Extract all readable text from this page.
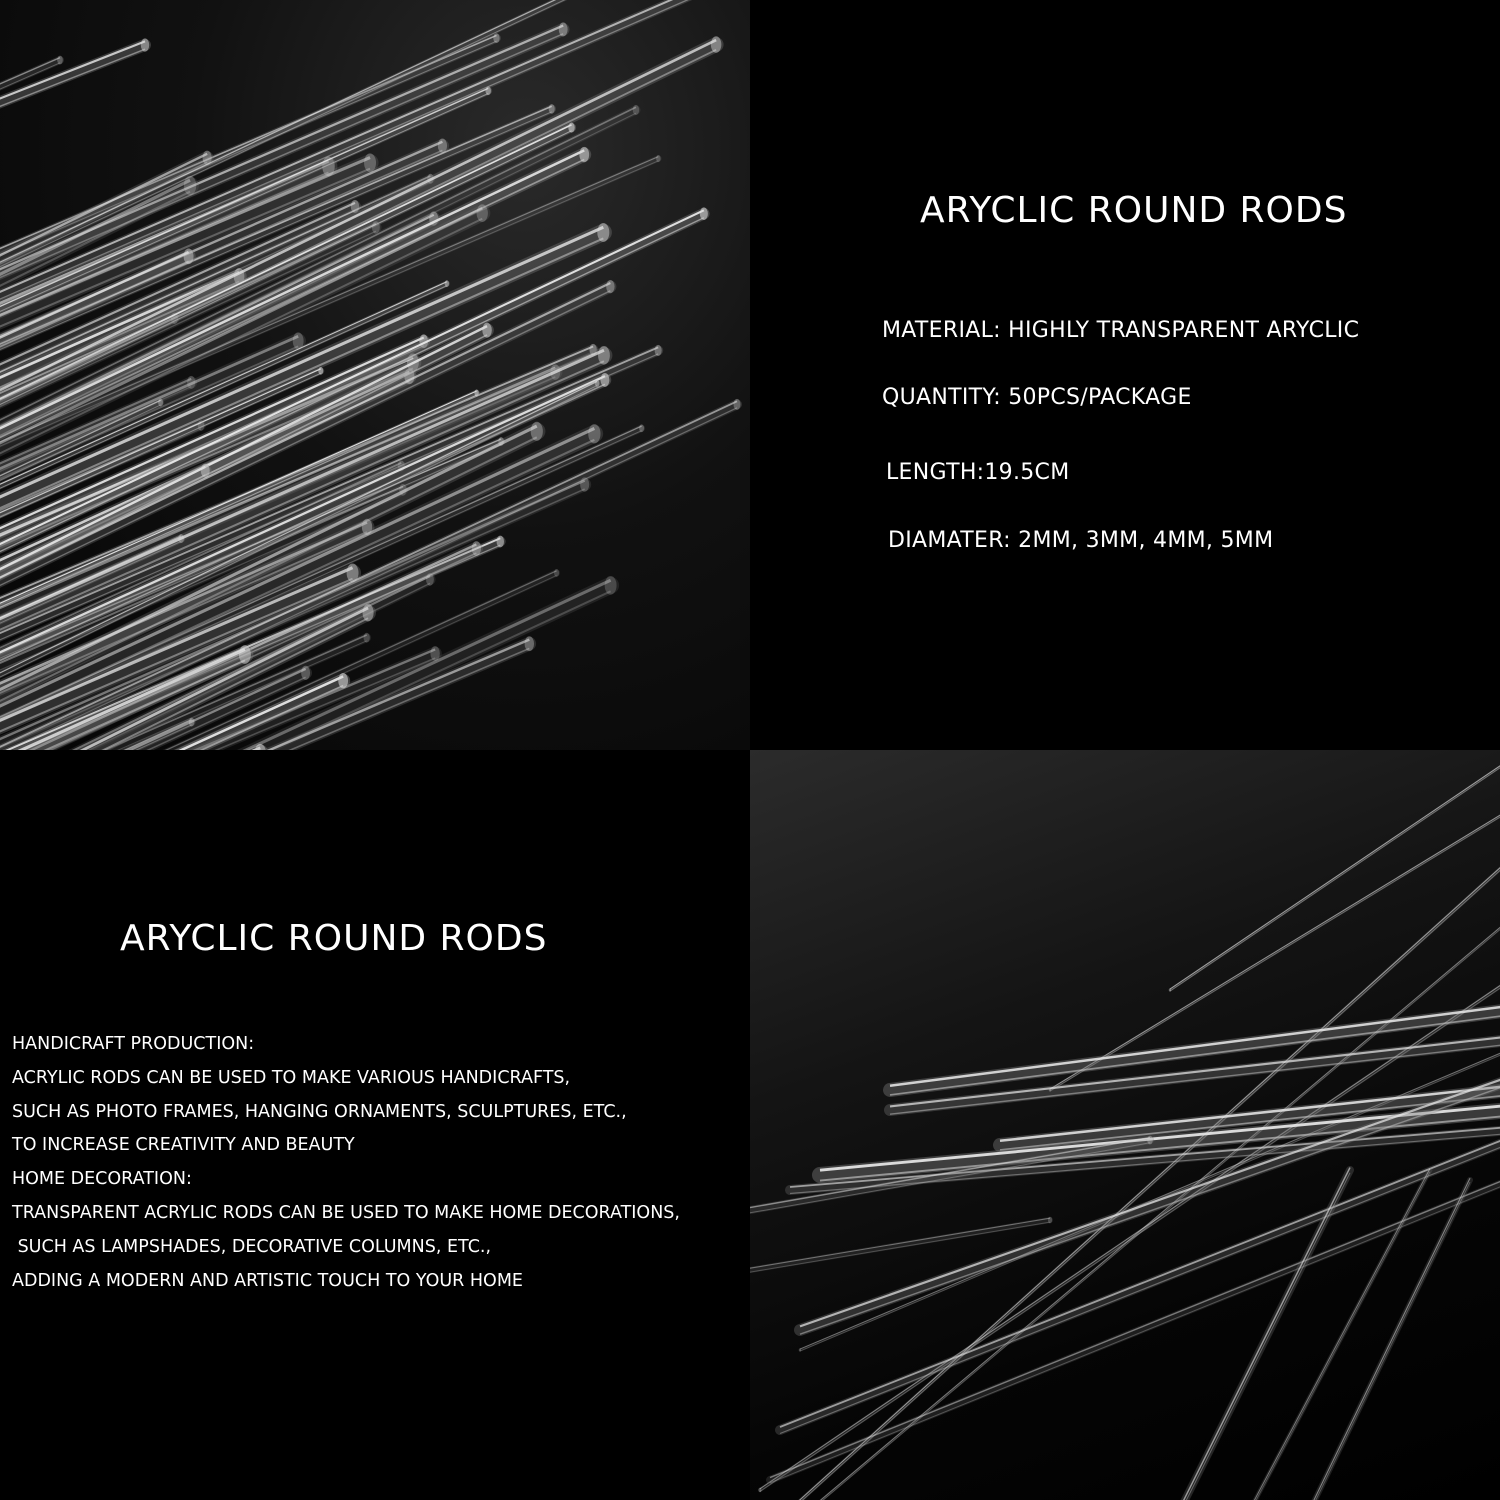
ARYCLIC ROUND RODS
MATERIAL: HIGHLY TRANSPARENT ARYCLIC
QUANTITY: 50PCS/PACKAGE
LENGTH:19.5CM
DIAMATER: 2MM, 3MM, 4MM, 5MM
ARYCLIC ROUND RODS
HANDICRAFT PRODUCTION:
ACRYLIC RODS CAN BE USED TO MAKE VARIOUS HANDICRAFTS,
SUCH AS PHOTO FRAMES, HANGING ORNAMENTS, SCULPTURES, ETC.,
TO INCREASE CREATIVITY AND BEAUTY
HOME DECORATION:
TRANSPARENT ACRYLIC RODS CAN BE USED TO MAKE HOME DECORATIONS,
SUCH AS LAMPSHADES, DECORATIVE COLUMNS, ETC.,
ADDING A MODERN AND ARTISTIC TOUCH TO YOUR HOME
